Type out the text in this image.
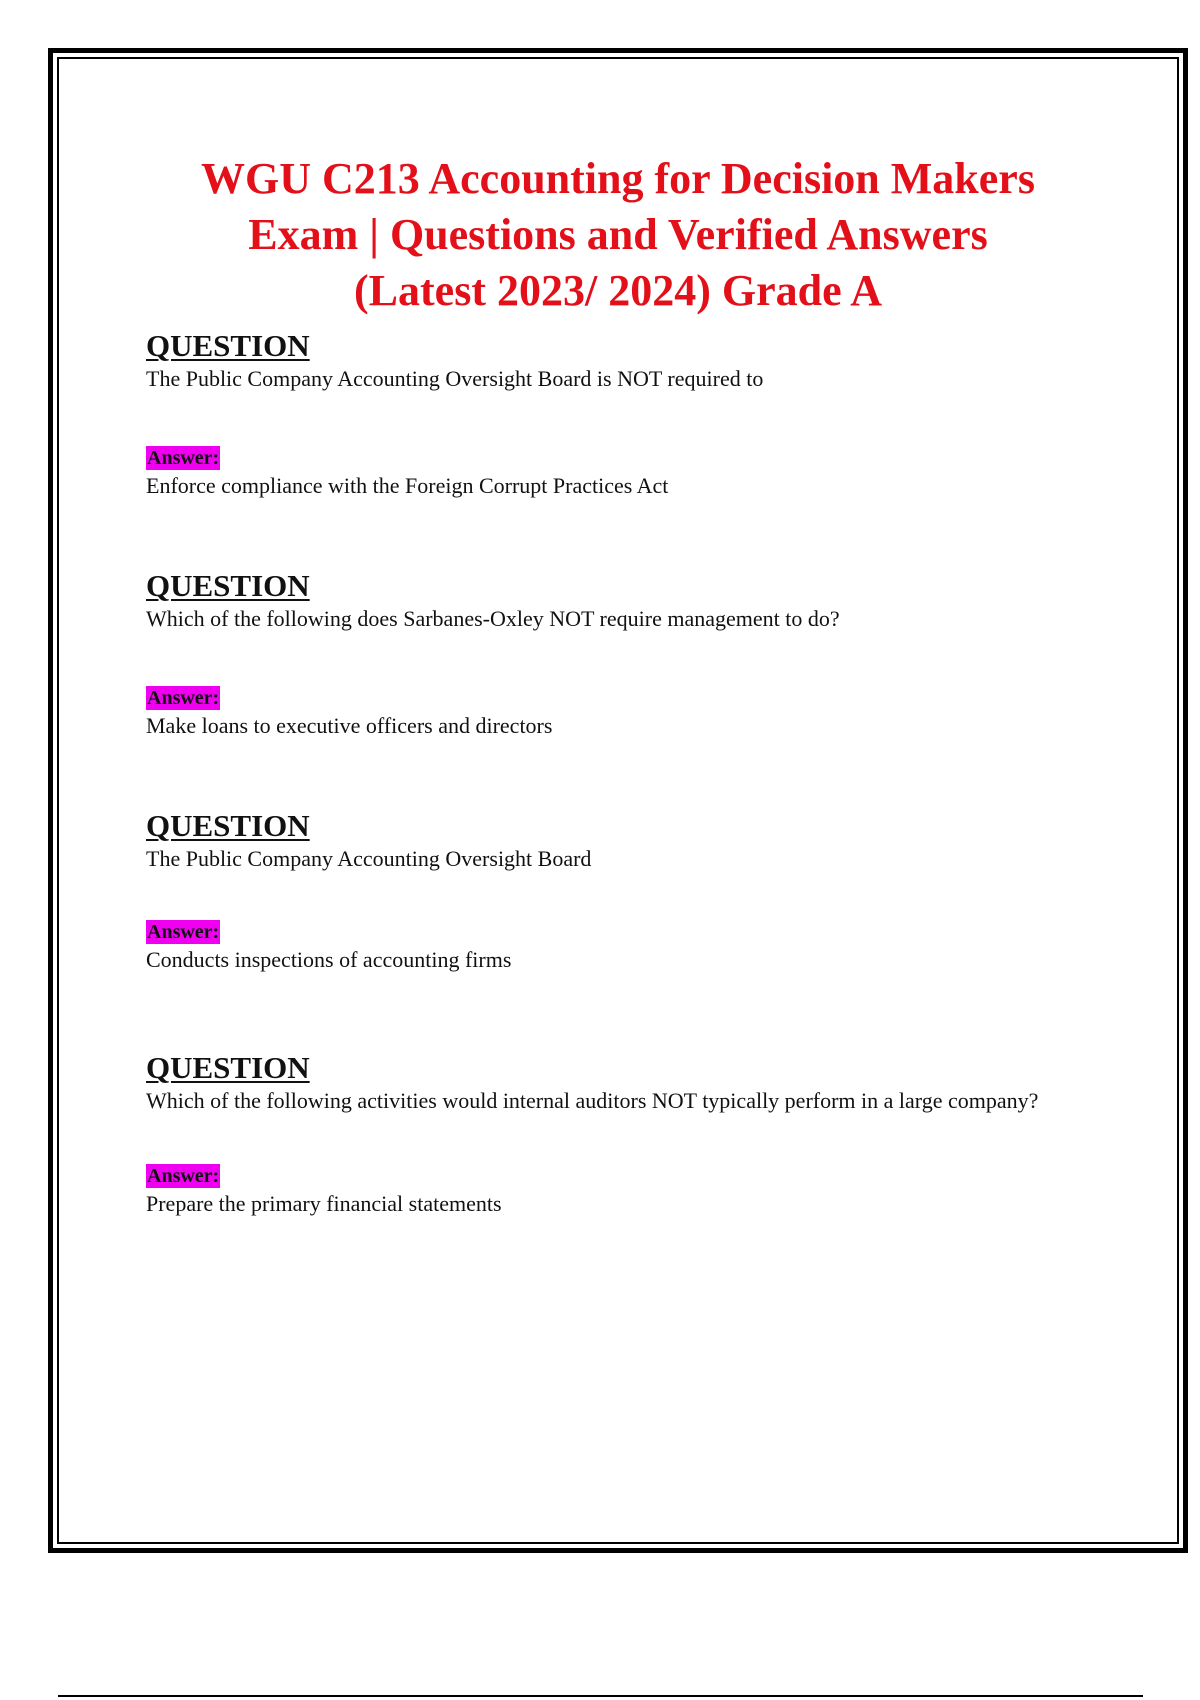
WGU C213 Accounting for Decision Makers
Exam | Questions and Verified Answers
(Latest 2023/ 2024) Grade A

QUESTION

The Public Company Accounting Oversight Board is NOT required to

Answer:

Enforce compliance with the Foreign Corrupt Practices Act

QUESTION

Which of the following does Sarbanes-Oxley NOT require management to do?

Answer:

Make loans to executive officers and directors

QUESTION

The Public Company Accounting Oversight Board

Answer:

Conducts inspections of accounting firms

QUESTION

Which of the following activities would internal auditors NOT typically perform in a large company?

Answer:

Prepare the primary financial statements
